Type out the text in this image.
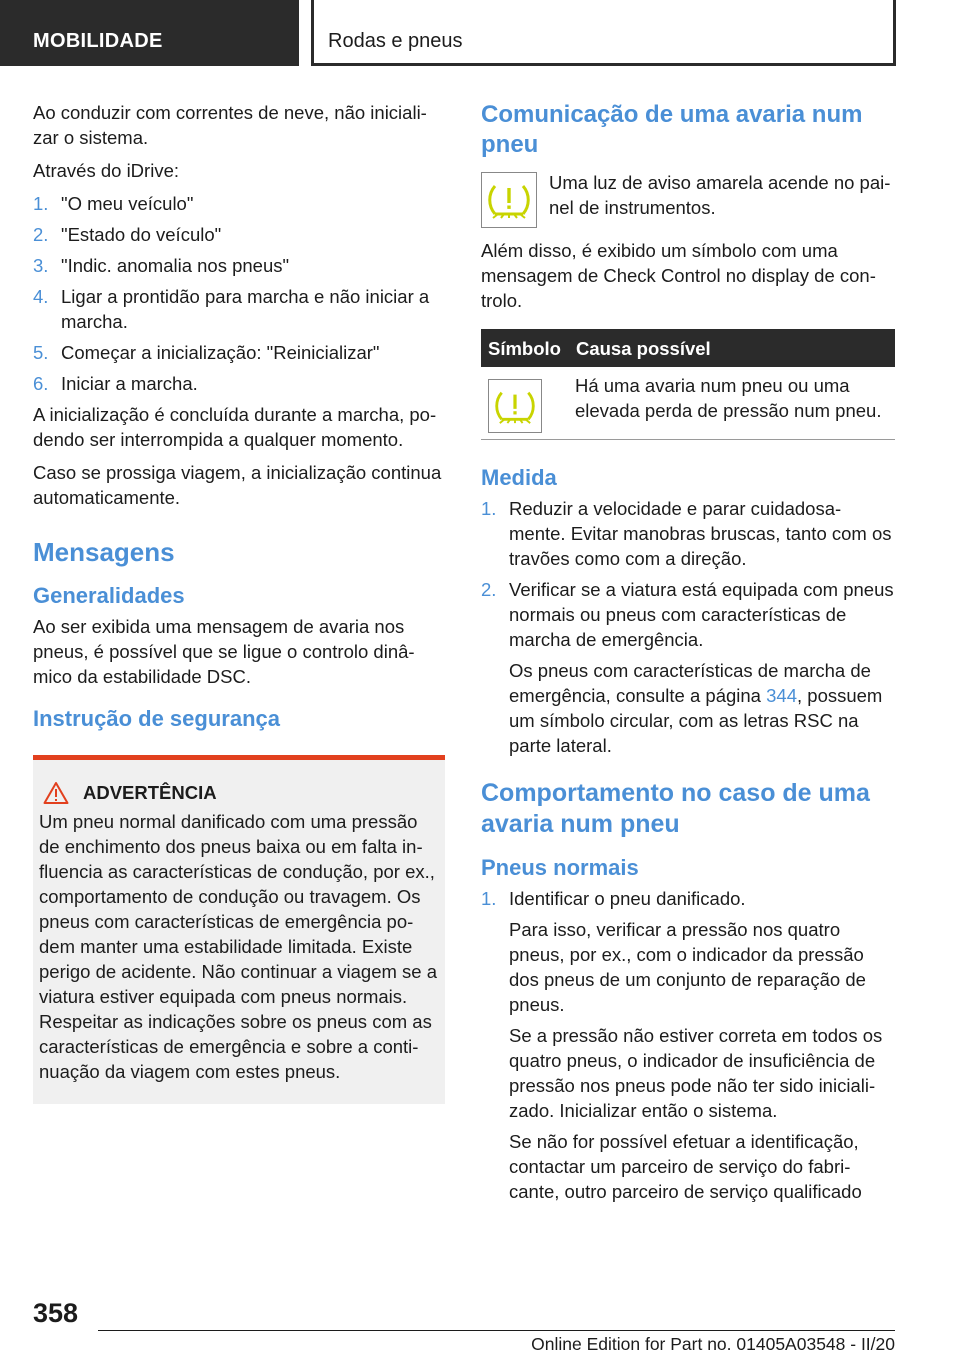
MOBILIDADE	Rodas e pneus

Ao conduzir com correntes de neve, não iniciali‐zar o sistema.

Através do iDrive:

1. "O meu veículo"
2. "Estado do veículo"
3. "Indic. anomalia nos pneus"
4. Ligar a prontidão para marcha e não iniciar a marcha.
5. Começar a inicialização: "Reinicializar"
6. Iniciar a marcha.

A inicialização é concluída durante a marcha, po‐dendo ser interrompida a qualquer momento.

Caso se prossiga viagem, a inicialização continua automaticamente.

Mensagens
Generalidades

Ao ser exibida uma mensagem de avaria nos pneus, é possível que se ligue o controlo dinâ‐mico da estabilidade DSC.

Instrução de segurança
ADVERTÊNCIA

Um pneu normal danificado com uma pressão de enchimento dos pneus baixa ou em falta in‐fluencia as características de condução, por ex., comportamento de condução ou travagem. Os pneus com características de emergência po‐dem manter uma estabilidade limitada. Existe perigo de acidente. Não continuar a viagem se a viatura estiver equipada com pneus normais. Respeitar as indicações sobre os pneus com as características de emergência e sobre a conti‐nuação da viagem com estes pneus.

Comunicação de uma avaria num pneu

Uma luz de aviso amarela acende no pai‐nel de instrumentos.

Além disso, é exibido um símbolo com uma mensagem de Check Control no display de con‐trolo.

Símbolo	Causa possível

	Há uma avaria num pneu ou uma elevada perda de pressão num pneu.
Medida
1. Reduzir a velocidade e parar cuidadosa‐mente. Evitar manobras bruscas, tanto com os travões como com a direção.
2. Verificar se a viatura está equipada com pneus normais ou pneus com características de marcha de emergência.

Os pneus com características de marcha de emergência, consulte a página 344, possuem um símbolo circular, com as letras RSC na parte lateral.

Comportamento no caso de uma avaria num pneu
Pneus normais
1. Identificar o pneu danificado.

Para isso, verificar a pressão nos quatro pneus, por ex., com o indicador da pressão dos pneus de um conjunto de reparação de pneus.

Se a pressão não estiver correta em todos os quatro pneus, o indicador de insuficiência de pressão nos pneus pode não ter sido iniciali‐zado. Inicializar então o sistema.

Se não for possível efetuar a identificação, contactar um parceiro de serviço do fabri‐cante, outro parceiro de serviço qualificado

358
Online Edition for Part no. 01405A03548 - II/20
